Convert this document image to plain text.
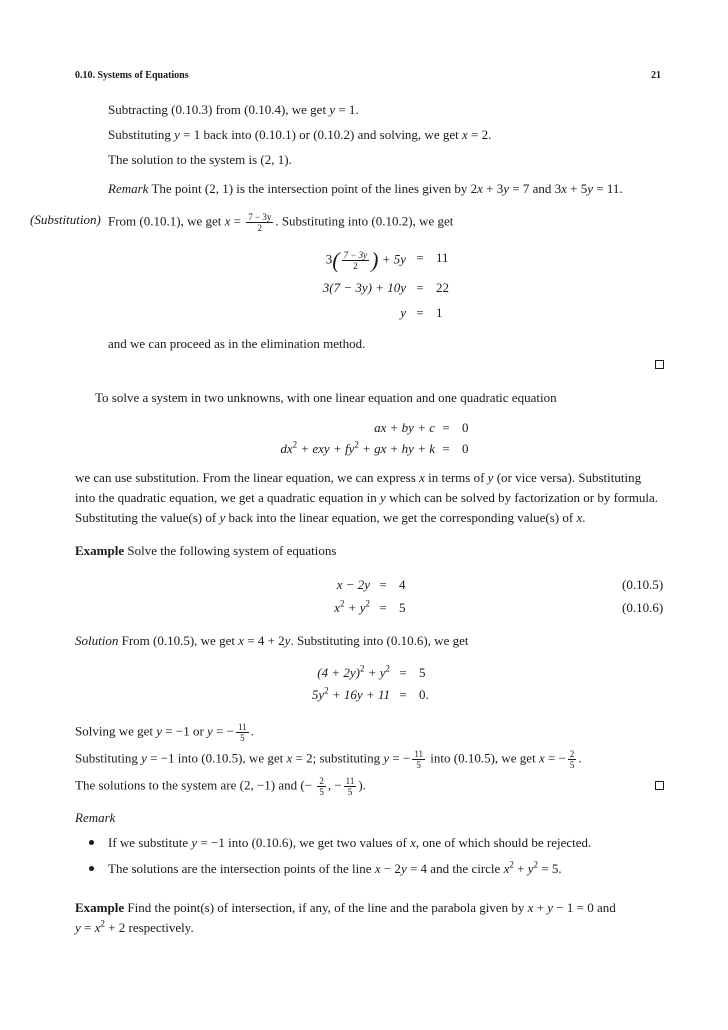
0.10. Systems of Equations	21
Subtracting (0.10.3) from (0.10.4), we get y = 1.
Substituting y = 1 back into (0.10.1) or (0.10.2) and solving, we get x = 2.
The solution to the system is (2, 1).
Remark The point (2, 1) is the intersection point of the lines given by 2x + 3y = 7 and 3x + 5y = 11.
(Substitution) From (0.10.1), we get $x = \frac{7 - 3y}{2}$ . Substituting into (0.10.2), we get
$3( \frac{7 - 3y}{2}$ ) + 5y = 11
3(7 − 3y) + 10y = 22
y = 1
and we can proceed as in the elimination method.
To solve a system in two unknowns, with one linear equation and one quadratic equation
ax + by + c = 0
$dx^2$ + exy + $fy^2$ + gx + hy + k = 0
we can use substitution. From the linear equation, we can express x in terms of y (or vice versa). Substituting
into the quadratic equation, we get a quadratic equation in y which can be solved by factorization or by formula.
Substituting the value(s) of y back into the linear equation, we get the corresponding value(s) of x.
Example Solve the following system of equations
x − 2y = 4	(0.10.5)
$x^2 + y^2 = 5$	(0.10.6)
Solution From (0.10.5), we get x = 4 + 2y. Substituting into (0.10.6), we get
$(4 + 2y)^2 + y^2 = 5$
$5y^2 + 16y + 11 = 0$.
Solving we get y = −1 or y = − $\frac{11}{5}$ .
Substituting y = −1 into (0.10.5), we get x = 2; substituting y = − $\frac{11}{5}$ into (0.10.5), we get x = − $\frac{2}{5}$ .
The solutions to the system are (2, −1) and (− $\frac{2}{5}$ , − $\frac{11}{5}$ ).
Remark
If we substitute y = −1 into (0.10.6), we get two values of x, one of which should be rejected.
The solutions are the intersection points of the line x − 2y = 4 and the circle $x^2 + y^2 = 5$.
Example Find the point(s) of intersection, if any, of the line and the parabola given by x + y − 1 = 0 and
$y = x^2 + 2$ respectively.
